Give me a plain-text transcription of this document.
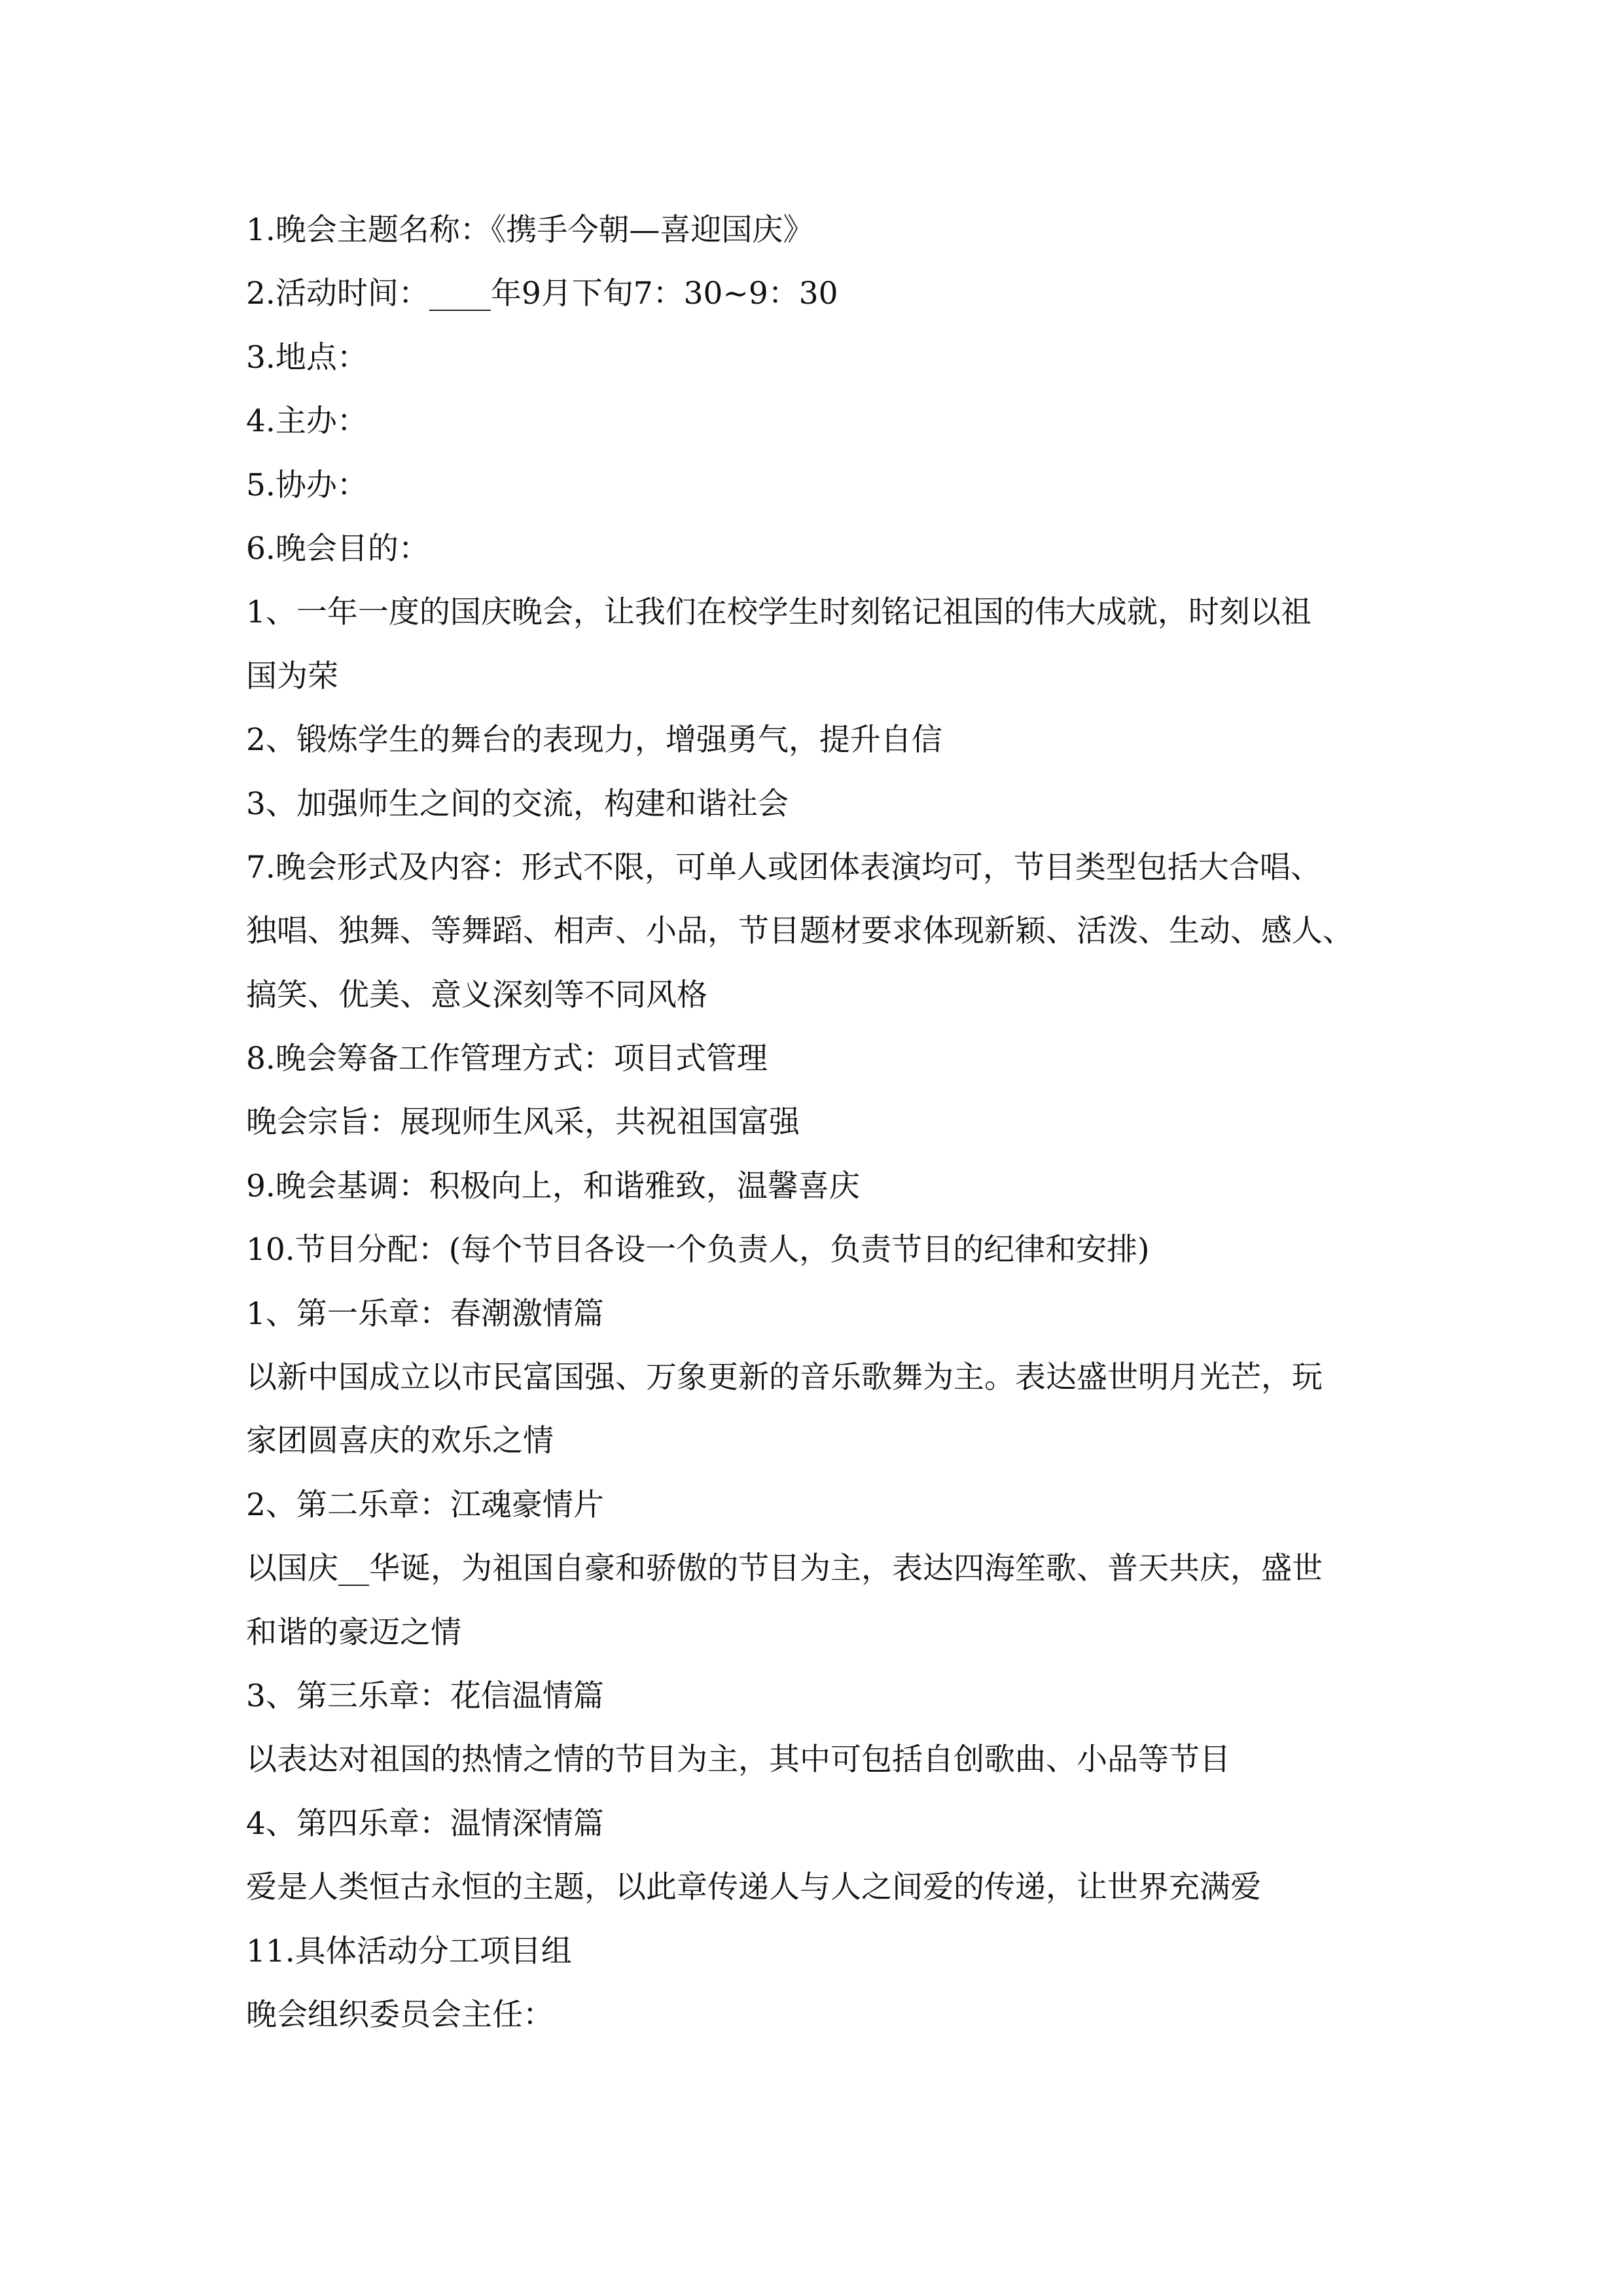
1.晚会主题名称：《携手今朝—喜迎国庆》

2.活动时间：____年9月下旬7：30~9：30

3.地点：

4.主办：

5.协办：

6.晚会目的：

1、一年一度的国庆晚会，让我们在校学生时刻铭记祖国的伟大成就，时刻以祖

国为荣

2、锻炼学生的舞台的表现力，增强勇气，提升自信

3、加强师生之间的交流，构建和谐社会

7.晚会形式及内容：形式不限，可单人或团体表演均可，节目类型包括大合唱、

独唱、独舞、等舞蹈、相声、小品，节目题材要求体现新颖、活泼、生动、感人、

搞笑、优美、意义深刻等不同风格

8.晚会筹备工作管理方式：项目式管理

晚会宗旨：展现师生风采，共祝祖国富强

9.晚会基调：积极向上，和谐雅致，温馨喜庆

10.节目分配：(每个节目各设一个负责人，负责节目的纪律和安排)

1、第一乐章：春潮激情篇

以新中国成立以市民富国强、万象更新的音乐歌舞为主。表达盛世明月光芒，玩

家团圆喜庆的欢乐之情

2、第二乐章：江魂豪情片

以国庆__华诞，为祖国自豪和骄傲的节目为主，表达四海笙歌、普天共庆，盛世

和谐的豪迈之情

3、第三乐章：花信温情篇

以表达对祖国的热情之情的节目为主，其中可包括自创歌曲、小品等节目

4、第四乐章：温情深情篇

爱是人类恒古永恒的主题，以此章传递人与人之间爱的传递，让世界充满爱

11.具体活动分工项目组

晚会组织委员会主任：
